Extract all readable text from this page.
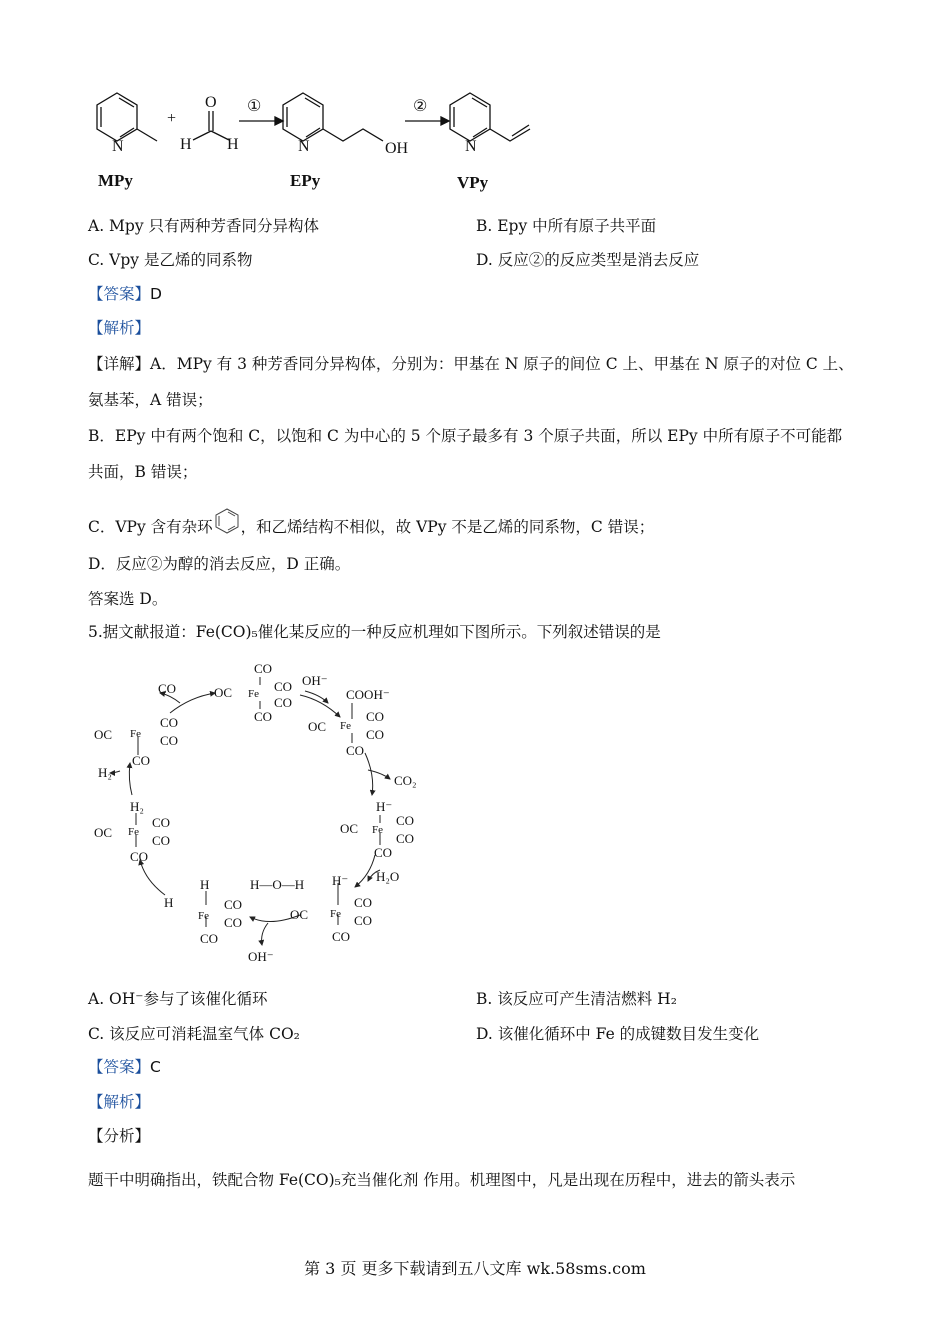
N
+
O
H H
①
N	OH
②
N
MPy	EPy	VPy
A. Mpy 只有两种芳香同分异构体	B. Epy 中所有原子共平面
C. Vpy 是乙烯的同系物	D. 反应②的反应类型是消去反应
【答案】D
【解析】
【详解】A．MPy 有 3 种芳香同分异构体，分别为：甲基在 N 原子的间位 C 上、甲基在 N 原子的对位 C 上、
氨基苯，A 错误；
B．EPy 中有两个饱和 C，以饱和 C 为中心的 5 个原子最多有 3 个原子共面，所以 EPy 中所有原子不可能都
共面，B 错误；
C．VPy 含有杂环 ，和乙烯结构不相似，故 VPy 不是乙烯的同系物，C 错误；
D．反应②为醇的消去反应，D 正确。
答案选 D。
5.据文献报道：Fe(CO)₅催化某反应的一种反应机理如下图所示。下列叙述错误的是
CO
OC Fe CO
CO
CO
CO
OH⁻
COOH⁻
OC Fe
CO
CO
CO
CO₂
H⁻
OC Fe
CO
CO
CO
H₂O
H⁻
OC Fe
CO
CO
CO
H—O—H
H
H
Fe
CO
CO
CO
OH⁻
H₂
OC Fe
CO
CO
CO
OC Fe
CO
CO
CO
H₂
A. OH⁻参与了该催化循环	B. 该反应可产生清洁燃料 H₂
C. 该反应可消耗温室气体 CO₂	D. 该催化循环中 Fe 的成键数目发生变化
【答案】C
【解析】
【分析】
题干中明确指出，铁配合物 Fe(CO)₅充当催化剂 作用。机理图中，凡是出现在历程中，进去的箭头表示
第 3 页 更多下载请到五八文库 wk.58sms.com
